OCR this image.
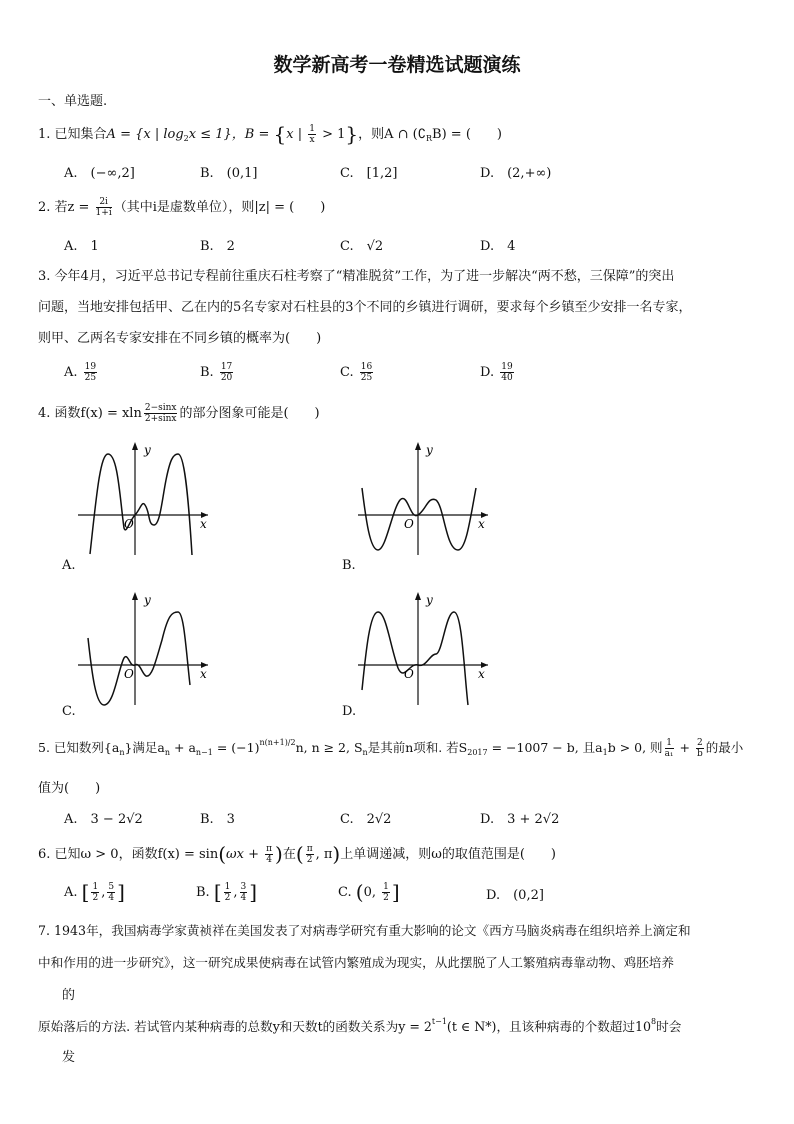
数学新高考一卷精选试题演练
一、单选题.
1. 已知集合A = {x | $\log_2x \le 1$}，B = {x | $\frac{1}{x} > 1$}，则A ∩ $(∁_RB)$ = (　　)
A.　(−∞,2]	B.　(0,1]	C.　[1,2]	D.　(2,+∞)
2. 若$z = \frac{2i}{1+i}$ （其中i是虚数单位），则|z| = (　　)
A.　1	B.　2	C.　√2	D.　4
3. 今年4月，习近平总书记专程前往重庆石柱考察了“精准脱贫”工作，为了进一步解决“两不愁，三保障”的突出
问题，当地安排包括甲、乙在内的5名专家对石柱县的3个不同的乡镇进行调研，要求每个乡镇至少安排一名专家，
则甲、乙两名专家安排在不同乡镇的概率为(　　)
A. $\frac{19}{25}$	B. $\frac{17}{20}$	C. $\frac{16}{25}$	D. $\frac{19}{40}$
4. 函数f(x) = xln $\frac{2-\sin x}{2+\sin x}$ 的部分图象可能是(　　)
y
x
O
A.
y
x
O
B.
y
x
O
C.
y
x
O
D.
5. 已知数列$\{a_n\}$满足$a_n + a_{n-1} = (-1)^{n(n+1)/2}n$, n ≥ 2, $S_n$是其前n项和. 若$S_{2017} = -1007 - b$, 且$a_1b > 0$, 则 $\frac{1}{\text{a₁}} + \frac{2}{b}$ 的最小
值为(　　)
A.　3 − 2√2	B.　3	C.　2√2	D.　3 + 2√2
6. 已知ω > 0，函数$f(x) = \sin(\omega x + \frac{\pi}{4}$ )在( $\frac{\pi}{2}$ , π)上单调递减，则ω的取值范围是(　　)
A. [ $\frac{1}{2}$ , $\frac{5}{4}$ ]	B. [ $\frac{1}{2}$ , $\frac{3}{4}$ ]	C. (0, $\frac{1}{2}$ ]	D.　 (0,2]
7. 1943年，我国病毒学家黄祯祥在美国发表了对病毒学研究有重大影响的论文《西方马脑炎病毒在组织培养上滴定和
中和作用的进一步研究》，这一研究成果使病毒在试管内繁殖成为现实，从此摆脱了人工繁殖病毒靠动物、鸡胚培养
的
原始落后的方法. 若试管内某种病毒的总数y和天数t的函数关系为$y = 2^{t-1}(t$ ∈ N*)，且该种病毒的个数超过$10^8$时会
发
